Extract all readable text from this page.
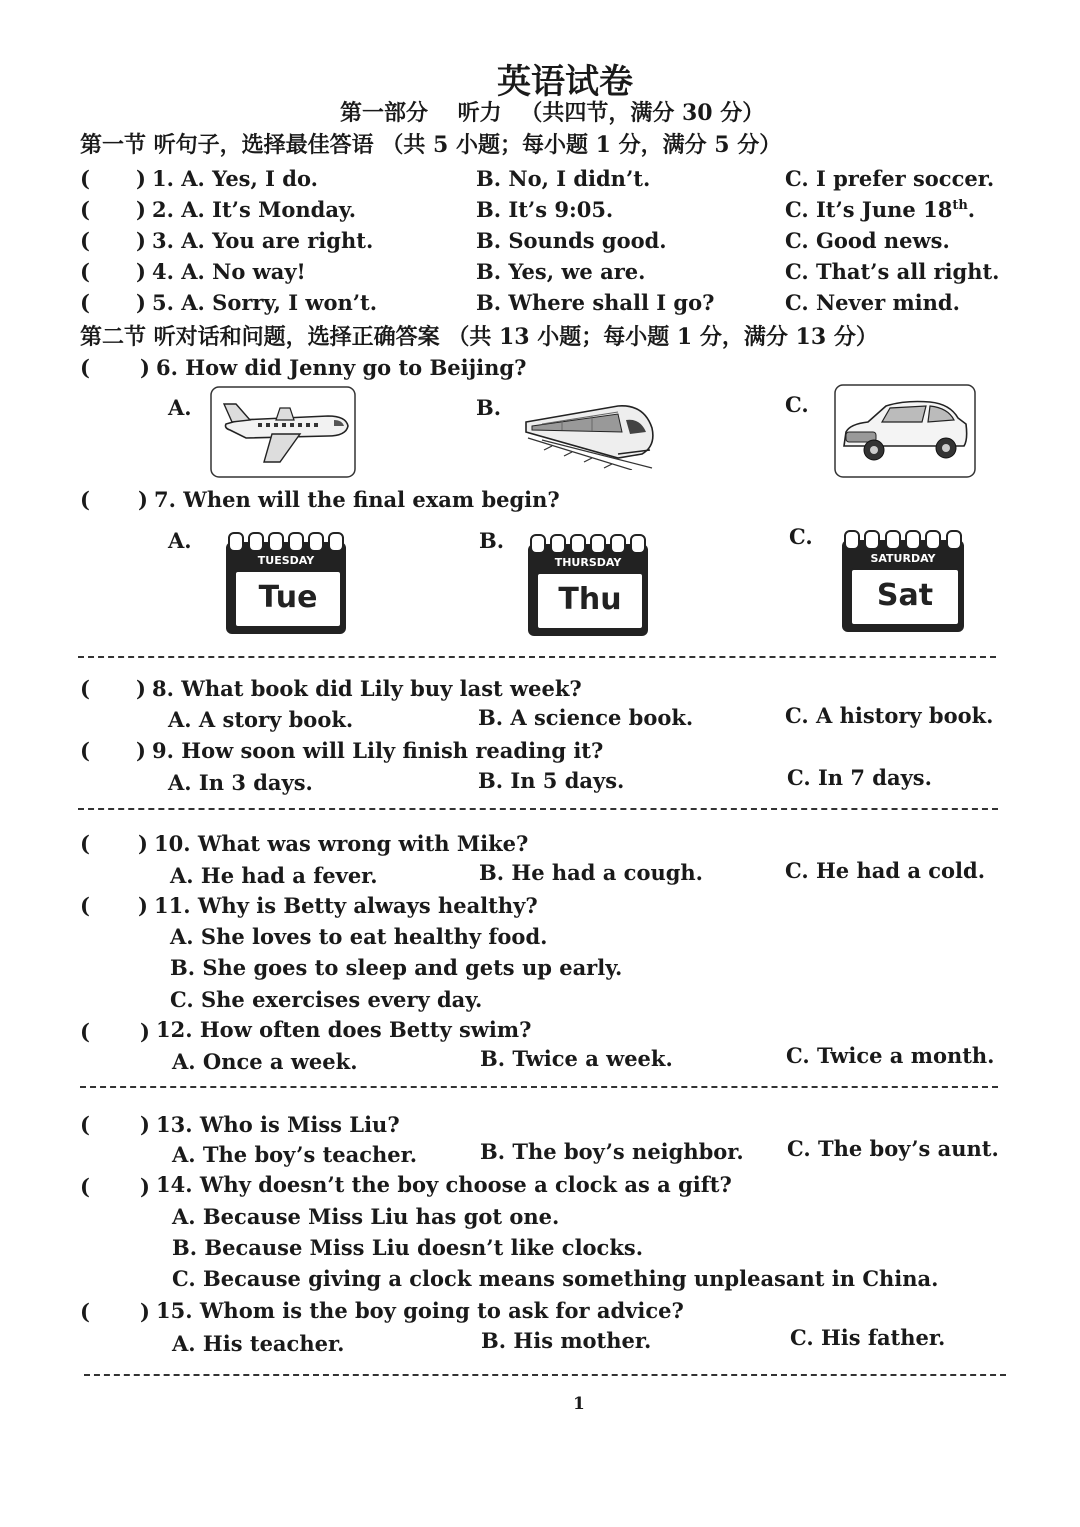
英语试卷
第一部分 　听力 　（共四节，满分 30 分）
第一节 听句子，选择最佳答语 （共 5 小题；每小题 1 分，满分 5 分）
( ) 1. A. Yes, I do.	B. No, I didn’t.	C. I prefer soccer.
( ) 2. A. It’s Monday.	B. It’s 9:05.	C. It’s June 18th.
( ) 3. A. You are right.	B. Sounds good.	C. Good news.
( ) 4. A. No way!	B. Yes, we are.	C. That’s all right.
( ) 5. A. Sorry, I won’t.	B. Where shall I go?	C. Never mind.
第二节 听对话和问题，选择正确答案 （共 13 小题；每小题 1 分，满分 13 分）
( ) 6. How did Jenny go to Beijing?
A.	B.	C.
( ) 7. When will the final exam begin?
A.	B.	C.
TUESDAY
Tue
THURSDAY
Thu
SATURDAY
Sat
( ) 8. What book did Lily buy last week?
A. A story book.	B. A science book.	C. A history book.
( ) 9. How soon will Lily finish reading it?
A. In 3 days.	B. In 5 days.	C. In 7 days.
( ) 10. What was wrong with Mike?
A. He had a fever.	B. He had a cough.	C. He had a cold.
( ) 11. Why is Betty always healthy?
A. She loves to eat healthy food.
B. She goes to sleep and gets up early.
C. She exercises every day.
( ) 12. How often does Betty swim?
A. Once a week.	B. Twice a week.	C. Twice a month.
( ) 13. Who is Miss Liu?
A. The boy’s teacher.	B. The boy’s neighbor. C. The boy’s aunt.
( ) 14. Why doesn’t the boy choose a clock as a gift?
A. Because Miss Liu has got one.
B. Because Miss Liu doesn’t like clocks.
C. Because giving a clock means something unpleasant in China.
( ) 15. Whom is the boy going to ask for advice?
A. His teacher.	B. His mother.	C. His father.
1
